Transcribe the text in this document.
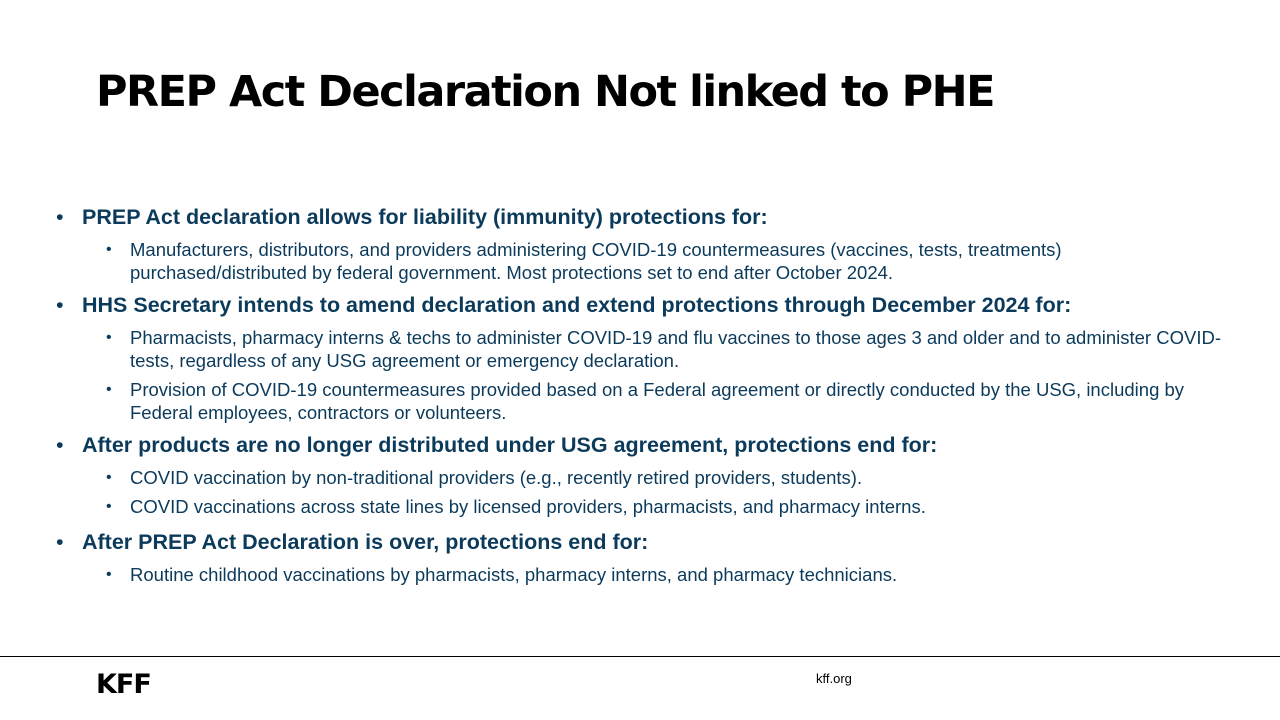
PREP Act Declaration Not linked to PHE
• PREP Act declaration allows for liability (immunity) protections for:
• Manufacturers, distributors, and providers administering COVID-19 countermeasures (vaccines, tests, treatments) purchased/distributed by federal government. Most protections set to end after October 2024.
• HHS Secretary intends to amend declaration and extend protections through December 2024 for:
• Pharmacists, pharmacy interns & techs to administer COVID-19 and flu vaccines to those ages 3 and older and to administer COVID-tests, regardless of any USG agreement or emergency declaration.
• Provision of COVID-19 countermeasures provided based on a Federal agreement or directly conducted by the USG, including by Federal employees, contractors or volunteers.
• After products are no longer distributed under USG agreement, protections end for:
• COVID vaccination by non-traditional providers (e.g., recently retired providers, students).
• COVID vaccinations across state lines by licensed providers, pharmacists, and pharmacy interns.
• After PREP Act Declaration is over, protections end for:
• Routine childhood vaccinations by pharmacists, pharmacy interns, and pharmacy technicians.
KFF	kff.org
